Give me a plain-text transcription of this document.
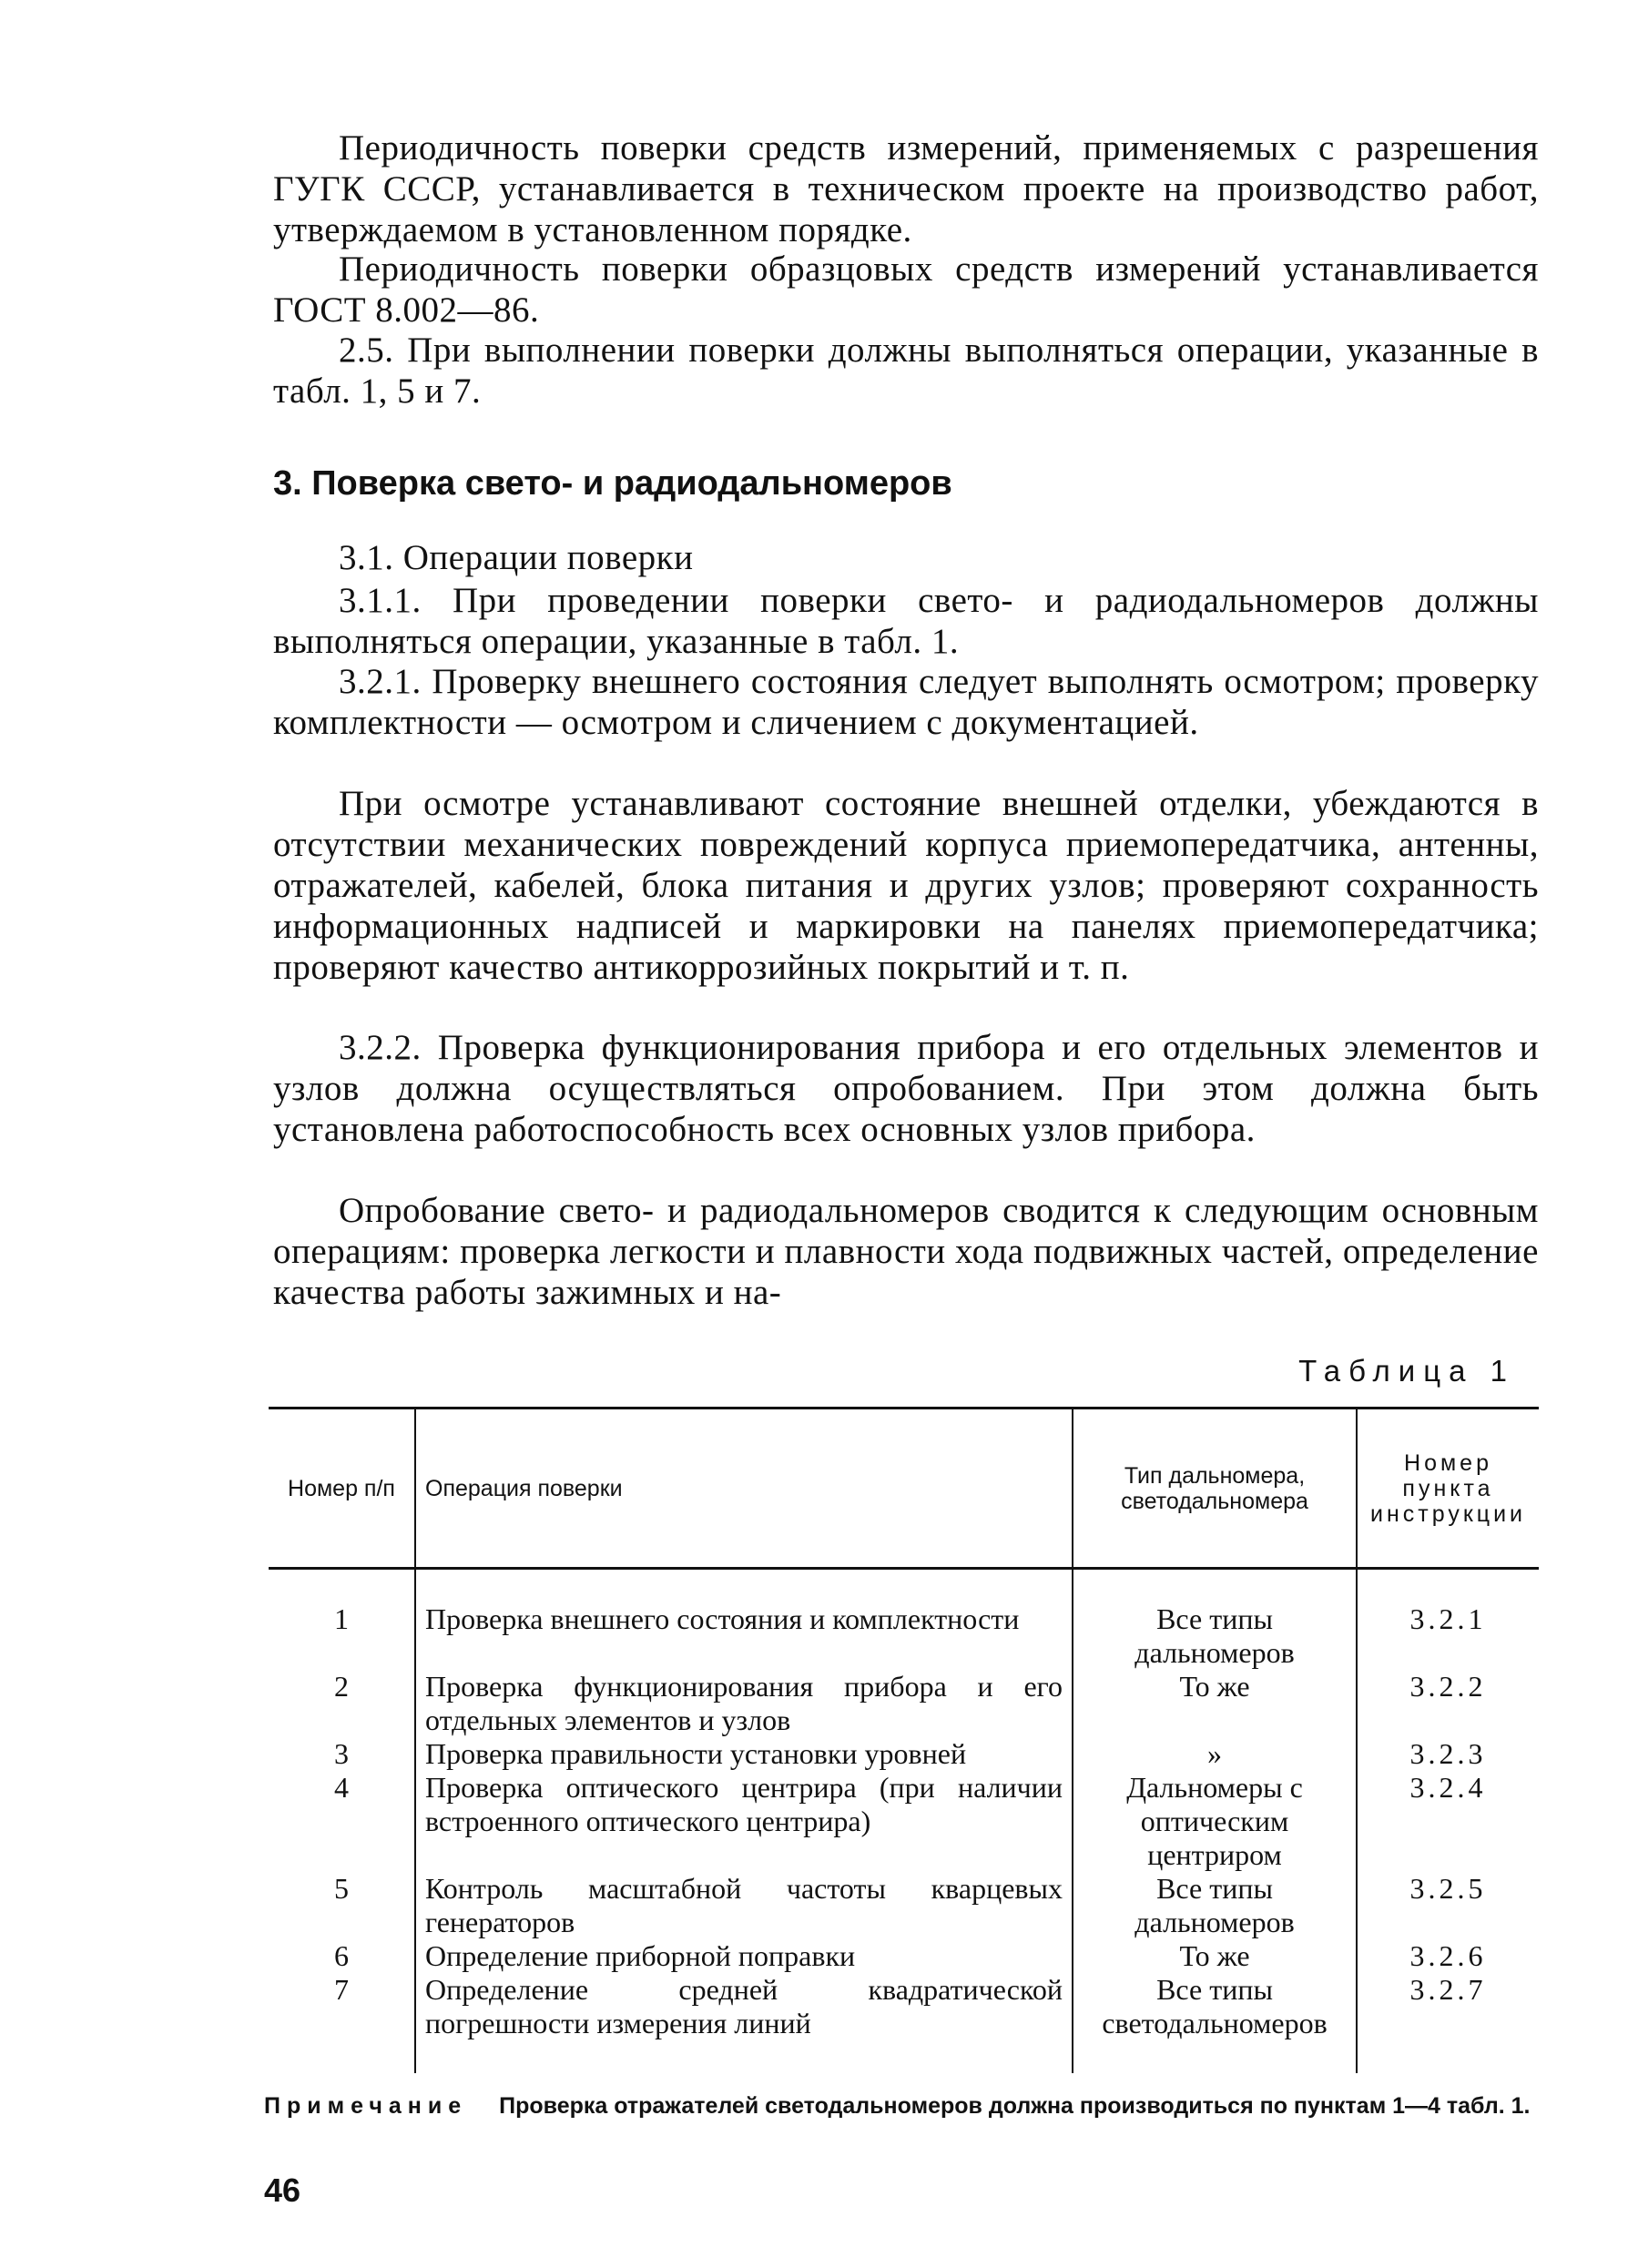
Периодичность поверки средств измерений, применяемых с разрешения ГУГК СССР, устанавливается в техническом проекте на производство работ, утверждаемом в установленном порядке.

Периодичность поверки образцовых средств измерений устанавливается ГОСТ 8.002—86.

2.5. При выполнении поверки должны выполняться операции, указанные в табл. 1, 5 и 7.

3. Поверка свето- и радиодальномеров

3.1. Операции поверки

3.1.1. При проведении поверки свето- и радиодальномеров должны выполняться операции, указанные в табл. 1.

3.2.1. Проверку внешнего состояния следует выполнять осмотром; проверку комплектности — осмотром и сличением с документацией.

При осмотре устанавливают состояние внешней отделки, убеждаются в отсутствии механических повреждений корпуса приемопередатчика, антенны, отражателей, кабелей, блока питания и других узлов; проверяют сохранность информационных надписей и маркировки на панелях приемопередатчика; проверяют качество антикоррозийных покрытий и т. п.

3.2.2. Проверка функционирования прибора и его отдельных элементов и узлов должна осуществляться опробованием. При этом должна быть установлена работоспособность всех основных узлов прибора.

Опробование свето- и радиодальномеров сводится к следующим основным операциям: проверка легкости и плавности хода подвижных частей, определение качества работы зажимных и на-

Таблица 1
Номер п/п	Операция поверки	Тип дальномера, светодальномера	Номер пункта инструкции
1	Проверка внешнего состояния и комплектности	Все типы дальномеров	3.2.1
2	Проверка функционирования прибора и его отдельных элементов и узлов	То же	3.2.2
3	Проверка правильности установки уровней	»	3.2.3
4	Проверка оптического центрира (при наличии встроенного оптического центрира)	Дальномеры с оптическим центриром	3.2.4
5	Контроль масштабной частоты кварцевых генераторов	Все типы дальномеров	3.2.5
6	Определение приборной поправки	То же	3.2.6
7	Определение средней квадратической погрешности измерения линий	Все типы светодальномеров	3.2.7

Примечание Проверка отражателей светодальномеров должна производиться по пунктам 1—4 табл. 1.

46
